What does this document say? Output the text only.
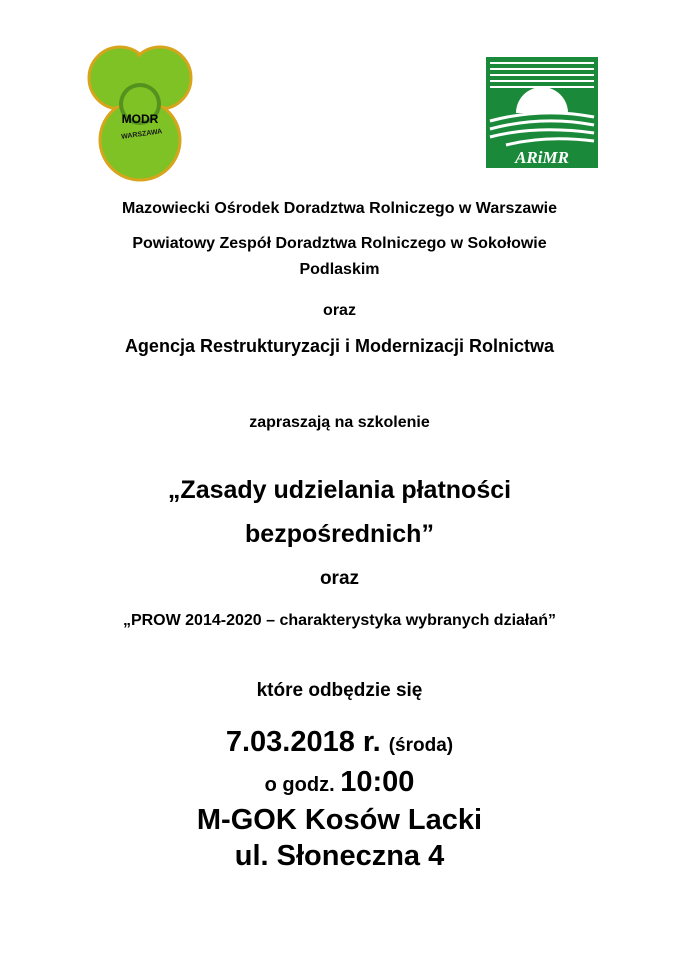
MODR
WARSZAWA
ARiMR
Mazowiecki Ośrodek Doradztwa Rolniczego w Warszawie
Powiatowy Zespół Doradztwa Rolniczego w Sokołowie
Podlaskim
oraz
Agencja Restrukturyzacji i Modernizacji Rolnictwa
zapraszają na szkolenie
„Zasady udzielania płatności
bezpośrednich”
oraz
„PROW 2014-2020 – charakterystyka wybranych działań”
które odbędzie się
7.03.2018 r. (środa)
o godz. 10:00
M-GOK Kosów Lacki
ul. Słoneczna 4
